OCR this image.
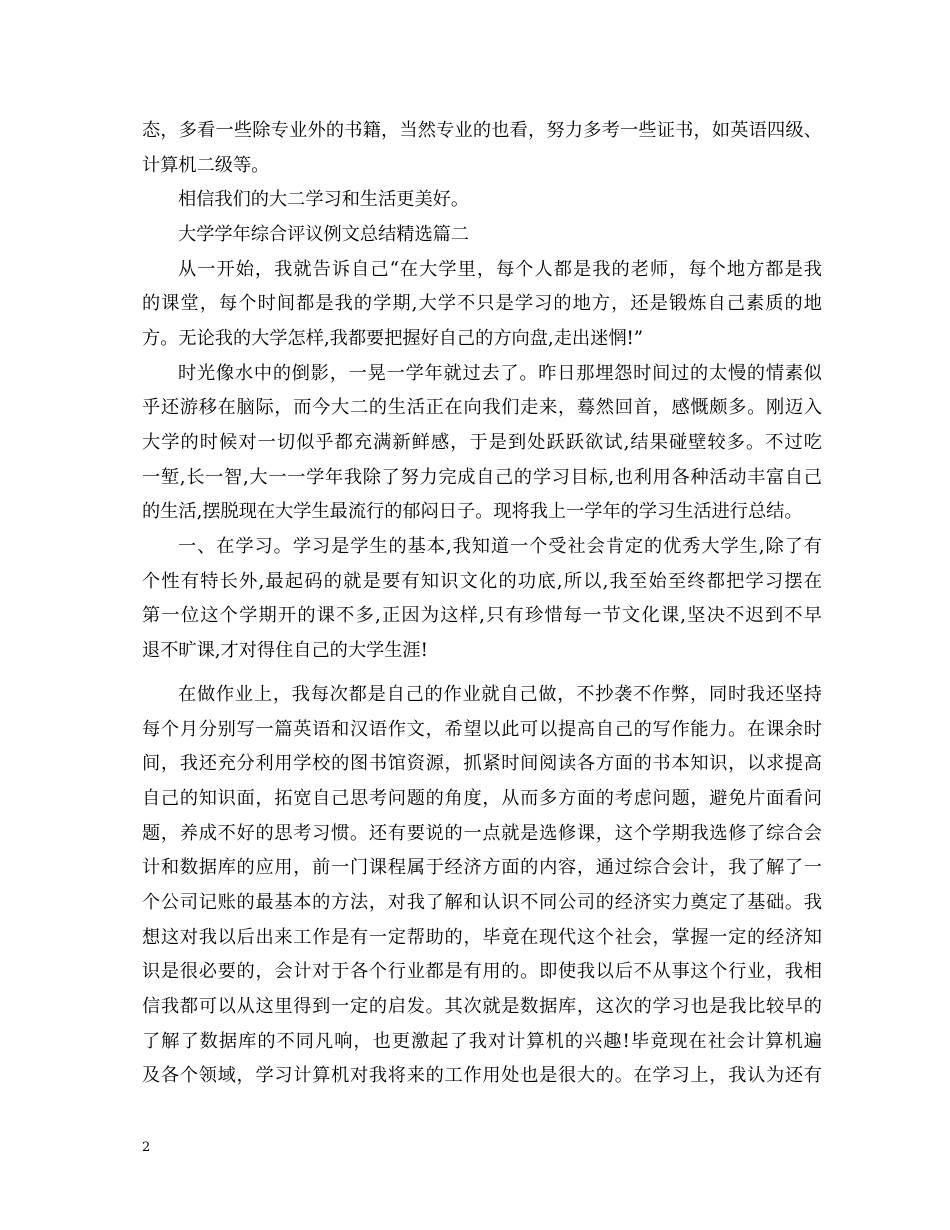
态，多看一些除专业外的书籍，当然专业的也看，努力多考一些证书，如英语四级、
计算机二级等。
相信我们的大二学习和生活更美好。
大学学年综合评议例文总结精选篇二
从一开始，我就告诉自己“在大学里，每个人都是我的老师，每个地方都是我
的课堂，每个时间都是我的学期,大学不只是学习的地方，还是锻炼自己素质的地
方。无论我的大学怎样,我都要把握好自己的方向盘,走出迷惘!”
时光像水中的倒影，一晃一学年就过去了。昨日那埋怨时间过的太慢的情素似
乎还游移在脑际，而今大二的生活正在向我们走来，蓦然回首，感慨颇多。刚迈入
大学的时候对一切似乎都充满新鲜感，于是到处跃跃欲试,结果碰壁较多。不过吃
一堑,长一智,大一一学年我除了努力完成自己的学习目标,也利用各种活动丰富自己
的生活,摆脱现在大学生最流行的郁闷日子。现将我上一学年的学习生活进行总结。
一、在学习。学习是学生的基本,我知道一个受社会肯定的优秀大学生,除了有
个性有特长外,最起码的就是要有知识文化的功底,所以,我至始至终都把学习摆在
第一位这个学期开的课不多,正因为这样,只有珍惜每一节文化课,坚决不迟到不早
退不旷课,才对得住自己的大学生涯!
在做作业上，我每次都是自己的作业就自己做，不抄袭不作弊，同时我还坚持
每个月分别写一篇英语和汉语作文，希望以此可以提高自己的写作能力。在课余时
间，我还充分利用学校的图书馆资源，抓紧时间阅读各方面的书本知识，以求提高
自己的知识面，拓宽自己思考问题的角度，从而多方面的考虑问题，避免片面看问
题，养成不好的思考习惯。还有要说的一点就是选修课，这个学期我选修了综合会
计和数据库的应用，前一门课程属于经济方面的内容，通过综合会计，我了解了一
个公司记账的最基本的方法，对我了解和认识不同公司的经济实力奠定了基础。我
想这对我以后出来工作是有一定帮助的，毕竟在现代这个社会，掌握一定的经济知
识是很必要的，会计对于各个行业都是有用的。即使我以后不从事这个行业，我相
信我都可以从这里得到一定的启发。其次就是数据库，这次的学习也是我比较早的
了解了数据库的不同凡响，也更激起了我对计算机的兴趣!毕竟现在社会计算机遍
及各个领域，学习计算机对我将来的工作用处也是很大的。在学习上，我认为还有
2
